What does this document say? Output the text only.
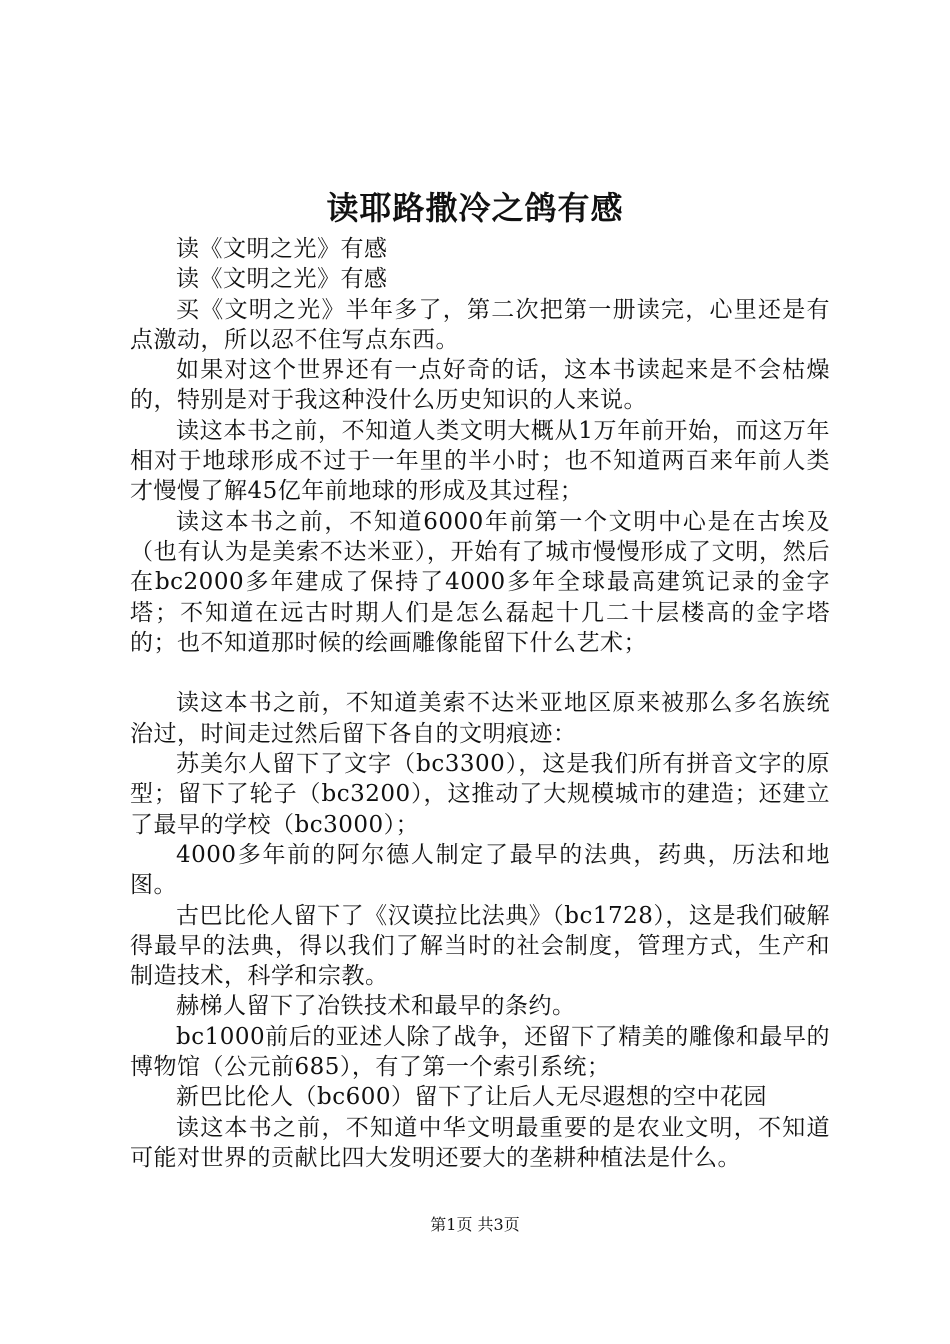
读耶路撒冷之鸽有感

读《文明之光》有感

读《文明之光》有感

买《文明之光》半年多了，第二次把第一册读完，心里还是有点激动，所以忍不住写点东西。

如果对这个世界还有一点好奇的话，这本书读起来是不会枯燥的，特别是对于我这种没什么历史知识的人来说。

读这本书之前，不知道人类文明大概从1万年前开始，而这万年相对于地球形成不过于一年里的半小时；也不知道两百来年前人类才慢慢了解45亿年前地球的形成及其过程；

读这本书之前，不知道6000年前第一个文明中心是在古埃及（也有认为是美索不达米亚），开始有了城市慢慢形成了文明，然后在bc2000多年建成了保持了4000多年全球最高建筑记录的金字塔；不知道在远古时期人们是怎么磊起十几二十层楼高的金字塔的；也不知道那时候的绘画雕像能留下什么艺术；

读这本书之前，不知道美索不达米亚地区原来被那么多名族统治过，时间走过然后留下各自的文明痕迹：

苏美尔人留下了文字（bc3300），这是我们所有拼音文字的原型；留下了轮子（bc3200），这推动了大规模城市的建造；还建立了最早的学校（bc3000）；

4000多年前的阿尔德人制定了最早的法典，药典，历法和地图。

古巴比伦人留下了《汉谟拉比法典》（bc1728），这是我们破解得最早的法典，得以我们了解当时的社会制度，管理方式，生产和制造技术，科学和宗教。

赫梯人留下了冶铁技术和最早的条约。

bc1000前后的亚述人除了战争，还留下了精美的雕像和最早的博物馆（公元前685），有了第一个索引系统；

新巴比伦人（bc600）留下了让后人无尽遐想的空中花园

读这本书之前，不知道中华文明最重要的是农业文明，不知道可能对世界的贡献比四大发明还要大的垄耕种植法是什么。

第1页 共3页
